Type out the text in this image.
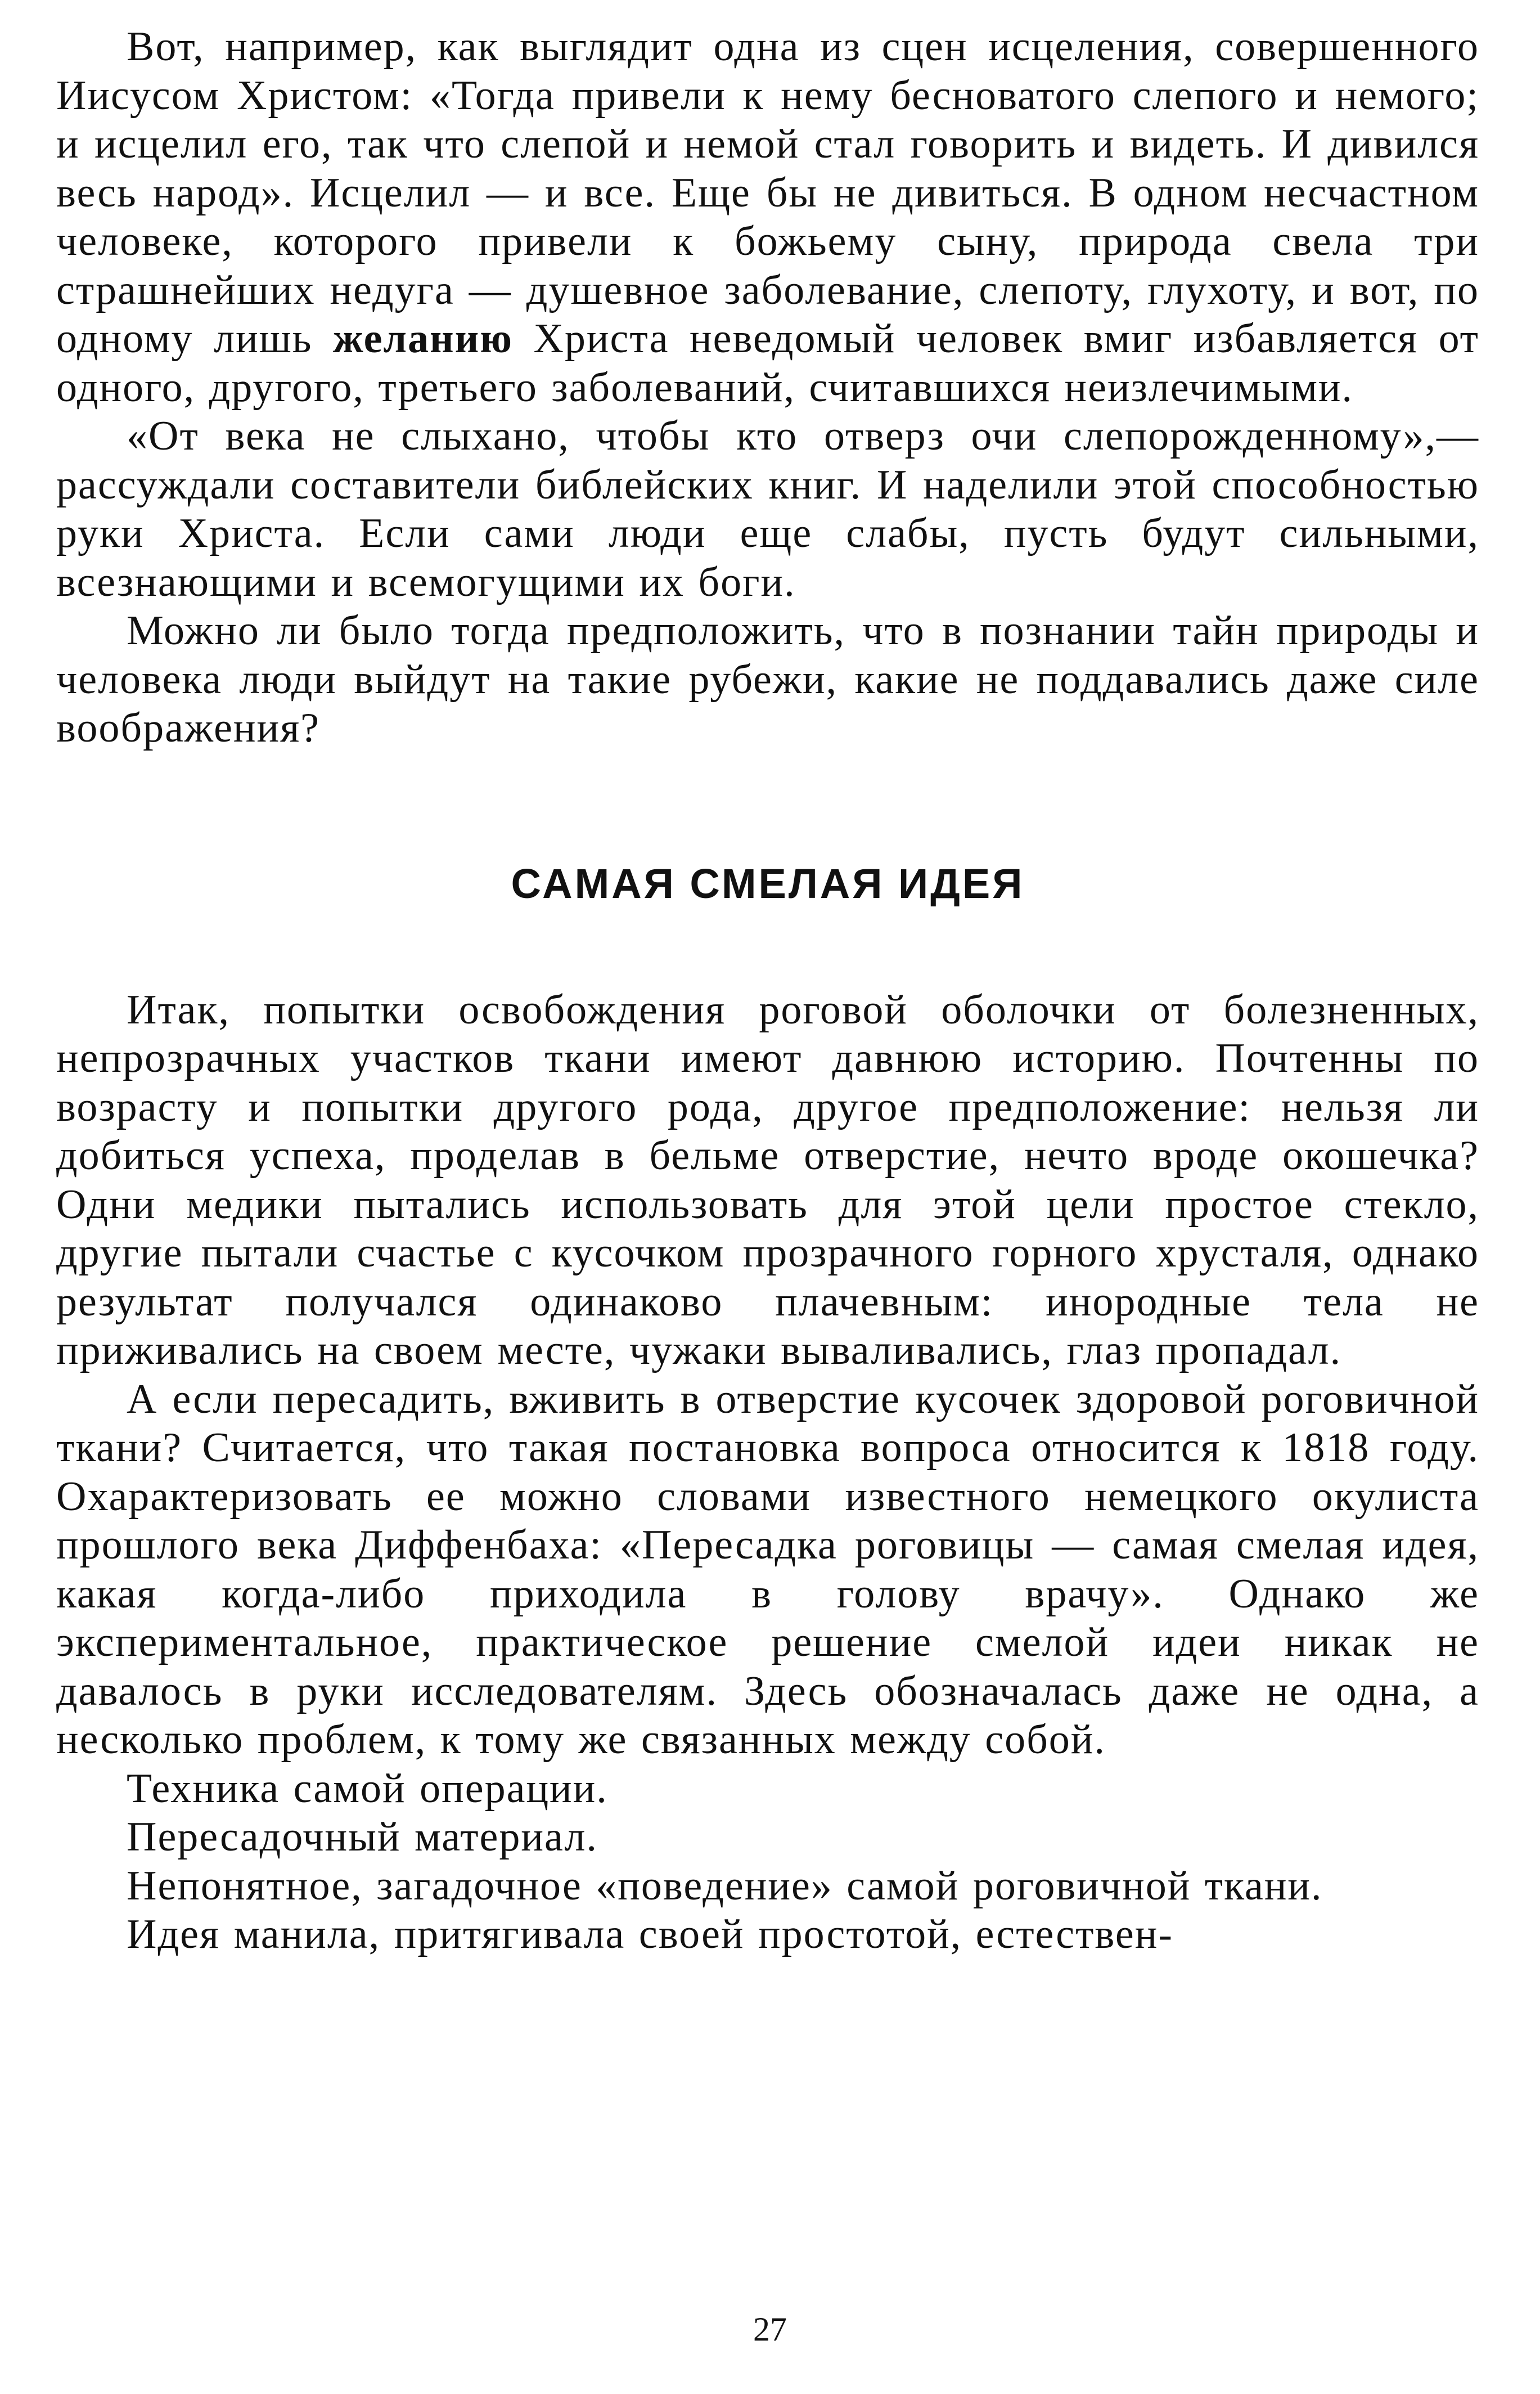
Вот, например, как выглядит одна из сцен исцеления, совершенного Иисусом Христом: «Тогда привели к нему бесноватого слепого и немого; и исцелил его, так что слепой и немой стал говорить и видеть. И дивился весь народ». Исцелил — и все. Еще бы не дивиться. В одном несчастном человеке, которого привели к божьему сыну, природа свела три страшнейших недуга — душевное заболевание, слепоту, глухоту, и вот, по одному лишь желанию Христа неведомый человек вмиг избавляется от одного, другого, третьего заболеваний, считавшихся неизлечимыми.

«От века не слыхано, чтобы кто отверз очи слепорожденному»,— рассуждали составители библейских книг. И наделили этой способностью руки Христа. Если сами люди еще слабы, пусть будут сильными, всезнающими и всемогущими их боги.

Можно ли было тогда предположить, что в познании тайн природы и человека люди выйдут на такие рубежи, какие не поддавались даже силе воображения?

САМАЯ СМЕЛАЯ ИДЕЯ

Итак, попытки освобождения роговой оболочки от болезненных, непрозрачных участков ткани имеют давнюю историю. Почтенны по возрасту и попытки другого рода, другое предположение: нельзя ли добиться успеха, проделав в бельме отверстие, нечто вроде окошечка? Одни медики пытались использовать для этой цели простое стекло, другие пытали счастье с кусочком прозрачного горного хрусталя, однако результат получался одинаково плачевным: инородные тела не приживались на своем месте, чужаки вываливались, глаз пропадал.

А если пересадить, вживить в отверстие кусочек здоровой роговичной ткани? Считается, что такая постановка вопроса относится к 1818 году. Охарактеризовать ее можно словами известного немецкого окулиста прошлого века Диффенбаха: «Пересадка роговицы — самая смелая идея, какая когда-либо приходила в голову врачу». Однако же экспериментальное, практическое решение смелой идеи никак не давалось в руки исследователям. Здесь обозначалась даже не одна, а несколько проблем, к тому же связанных между собой.

Техника самой операции.

Пересадочный материал.

Непонятное, загадочное «поведение» самой роговичной ткани.

Идея манила, притягивала своей простотой, естествен-

27
